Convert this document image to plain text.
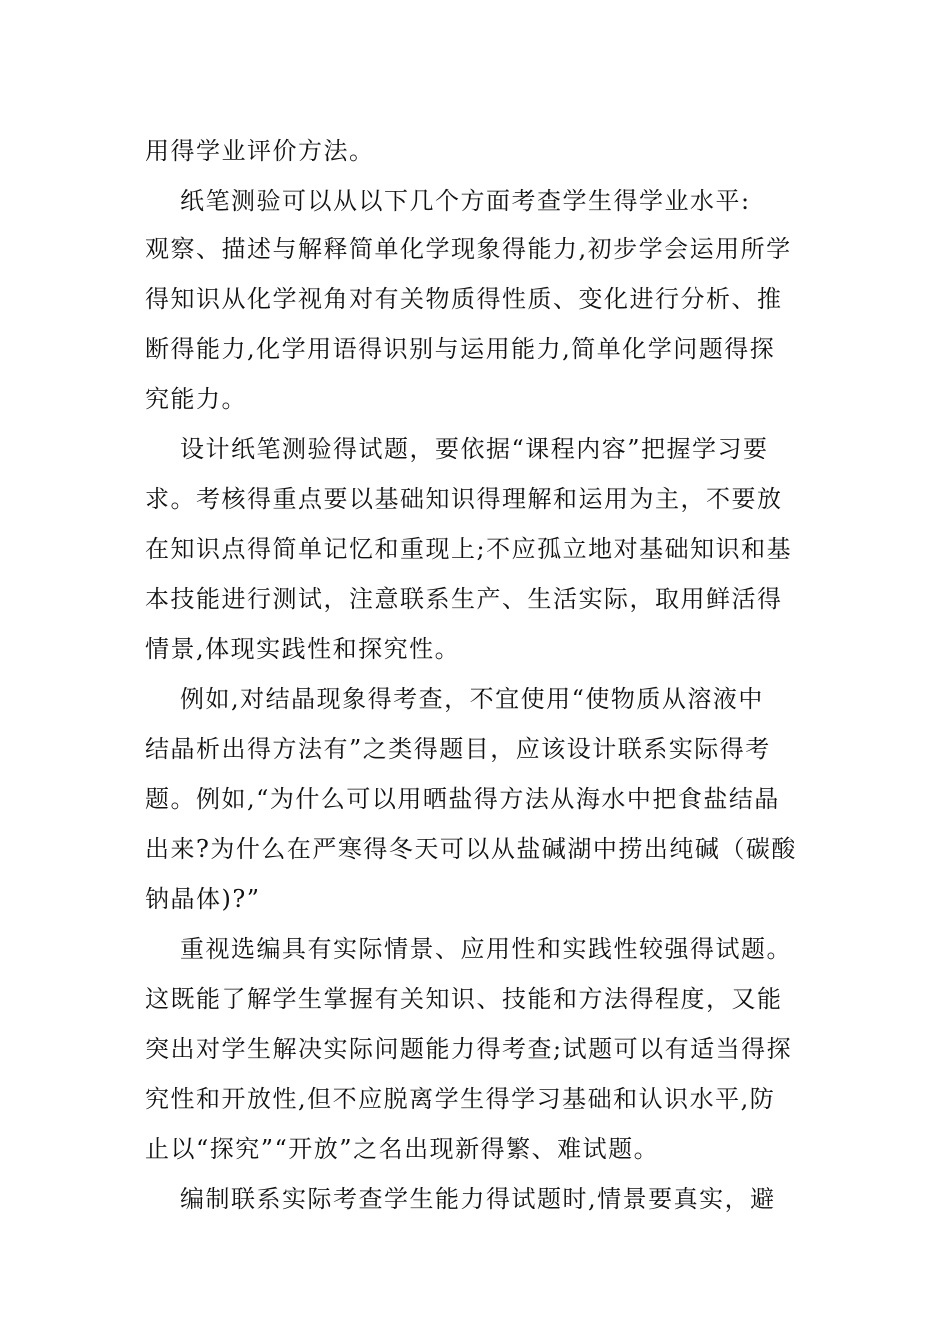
用得学业评价方法。
纸笔测验可以从以下几个方面考查学生得学业水平:
观察、描述与解释简单化学现象得能力,初步学会运用所学
得知识从化学视角对有关物质得性质、变化进行分析、推
断得能力,化学用语得识别与运用能力,简单化学问题得探
究能力。
设计纸笔测验得试题，要依据“课程内容”把握学习要
求。考核得重点要以基础知识得理解和运用为主，不要放
在知识点得简单记忆和重现上;不应孤立地对基础知识和基
本技能进行测试，注意联系生产、生活实际，取用鲜活得
情景,体现实践性和探究性。
例如,对结晶现象得考查，不宜使用“使物质从溶液中
结晶析出得方法有”之类得题目，应该设计联系实际得考
题。例如,“为什么可以用晒盐得方法从海水中把食盐结晶
出来?为什么在严寒得冬天可以从盐碱湖中捞出纯碱（碳酸
钠晶体)?”
重视选编具有实际情景、应用性和实践性较强得试题。
这既能了解学生掌握有关知识、技能和方法得程度，又能
突出对学生解决实际问题能力得考查;试题可以有适当得探
究性和开放性,但不应脱离学生得学习基础和认识水平,防
止以“探究”“开放”之名出现新得繁、难试题。
编制联系实际考查学生能力得试题时,情景要真实，避
